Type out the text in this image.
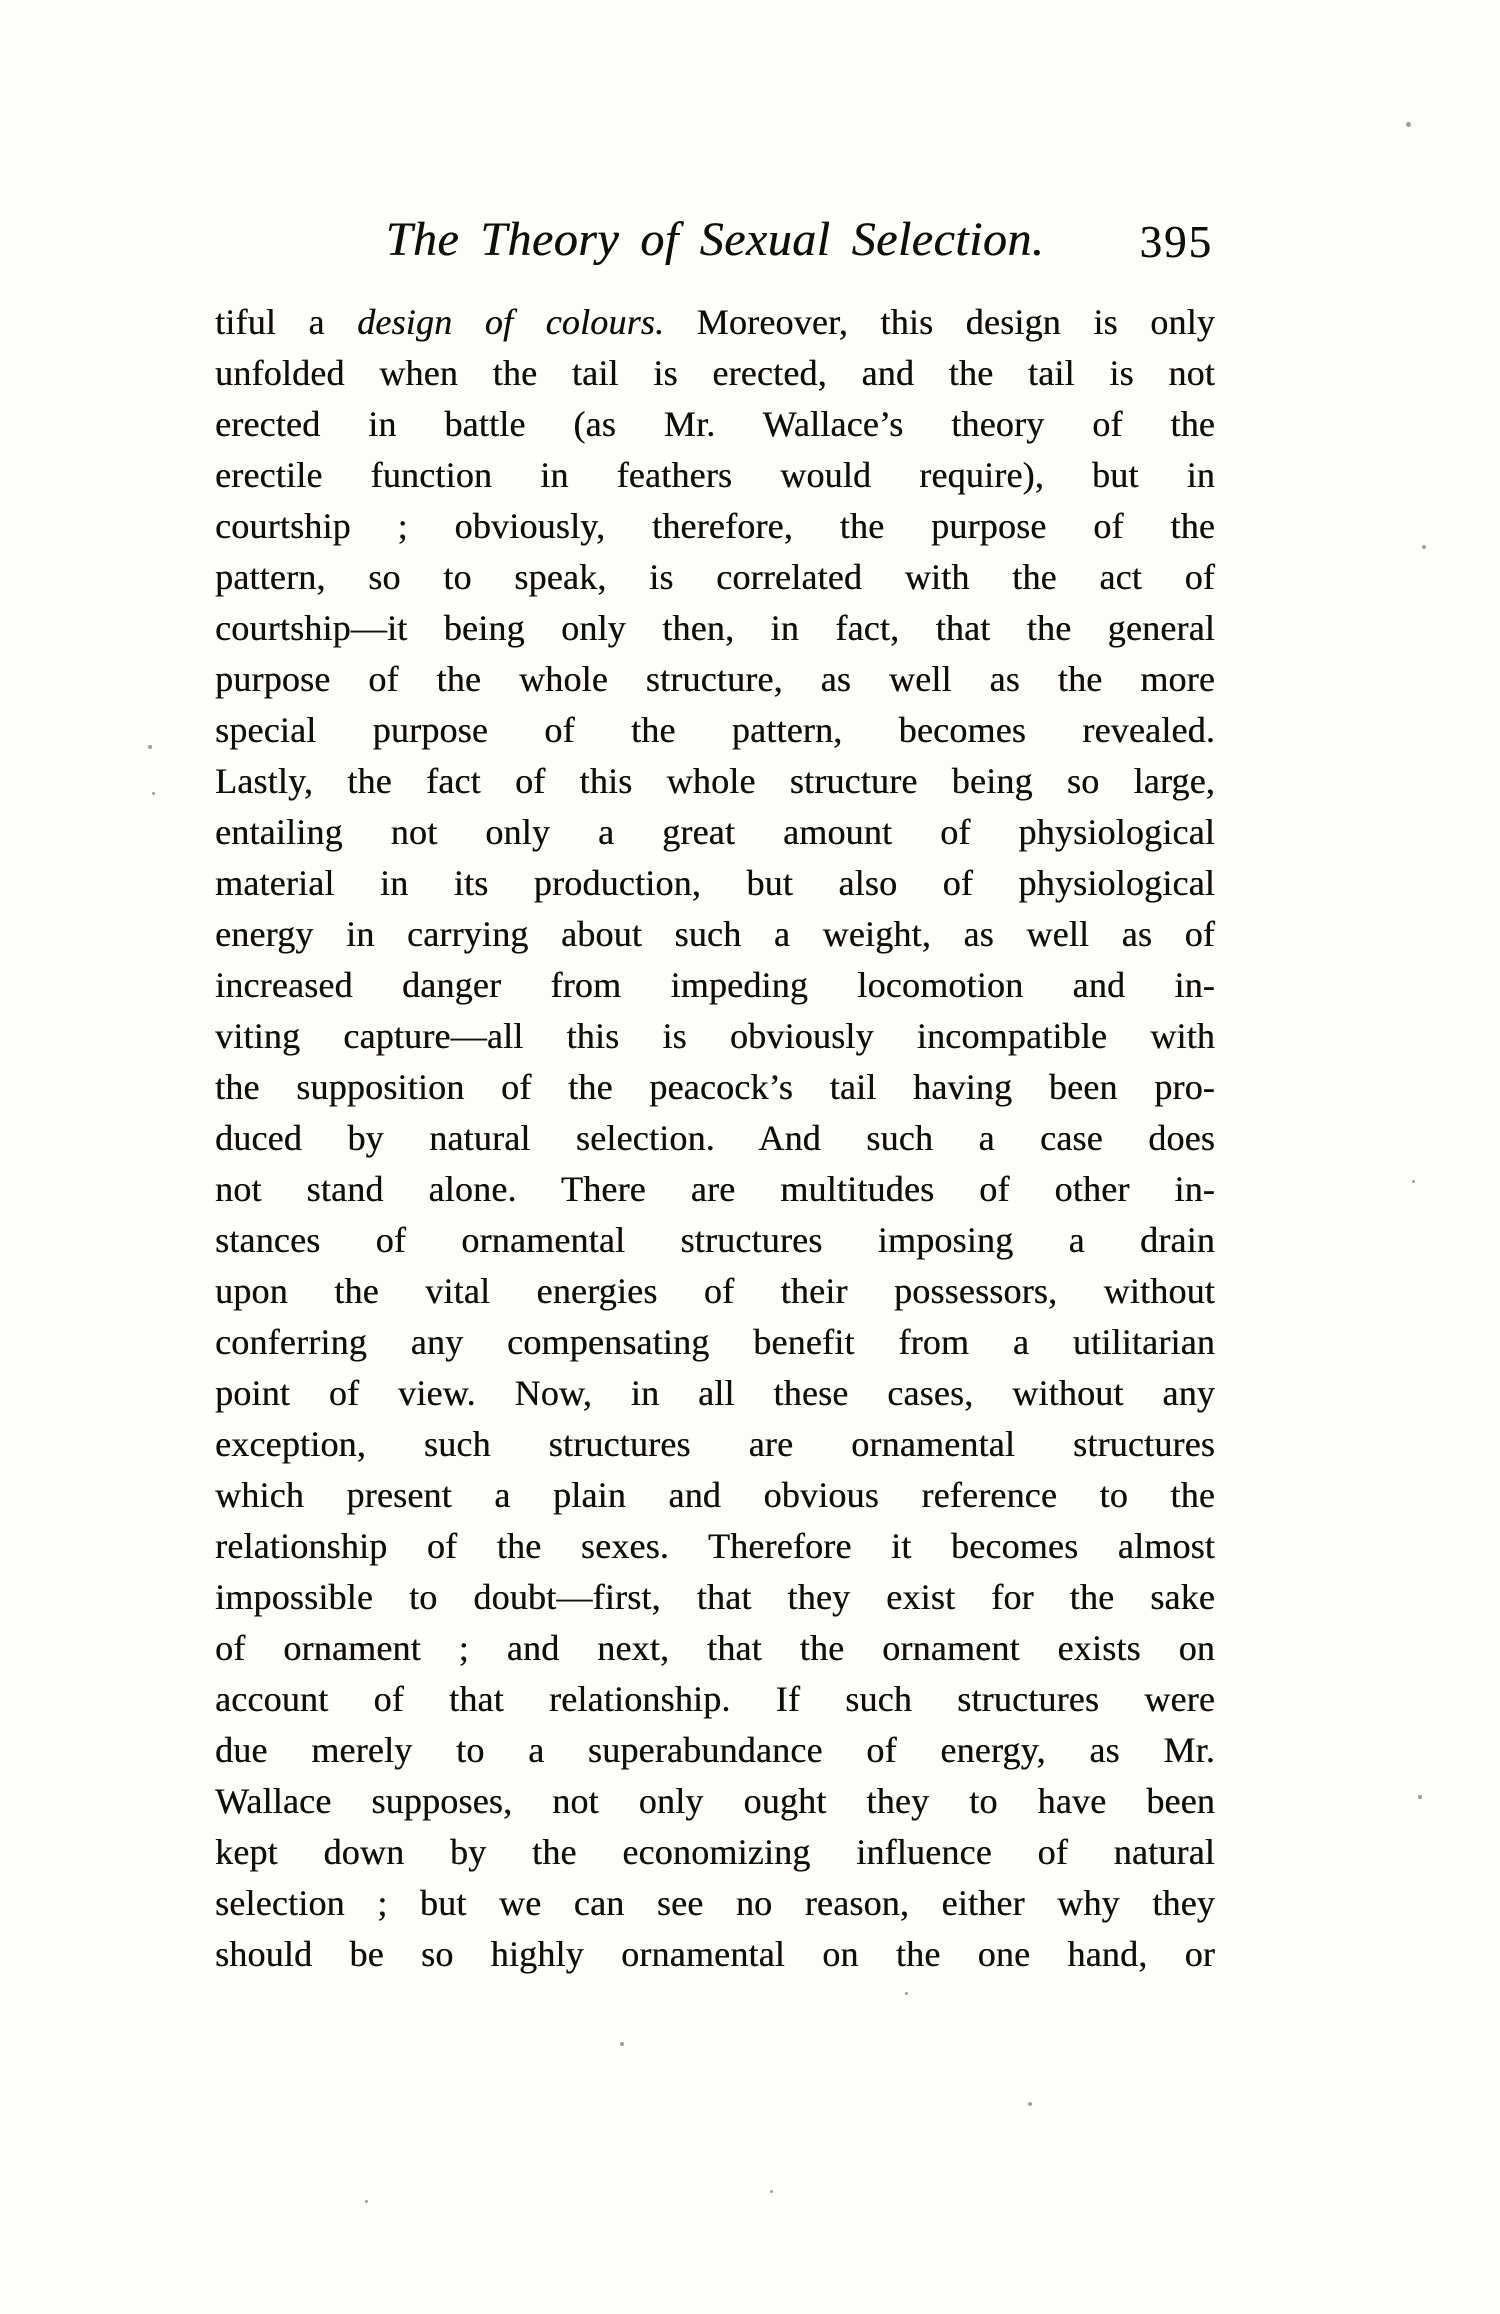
The Theory of Sexual Selection.	395
tiful a design of colours. Moreover, this design is only
unfolded when the tail is erected, and the tail is not
erected in battle (as Mr. Wallace’s theory of the
erectile function in feathers would require), but in
courtship ; obviously, therefore, the purpose of the
pattern, so to speak, is correlated with the act of
courtship—it being only then, in fact, that the general
purpose of the whole structure, as well as the more
special purpose of the pattern, becomes revealed.
Lastly, the fact of this whole structure being so large,
entailing not only a great amount of physiological
material in its production, but also of physiological
energy in carrying about such a weight, as well as of
increased danger from impeding locomotion and in-
viting capture—all this is obviously incompatible with
the supposition of the peacock’s tail having been pro-
duced by natural selection. And such a case does
not stand alone. There are multitudes of other in-
stances of ornamental structures imposing a drain
upon the vital energies of their possessors, without
conferring any compensating benefit from a utilitarian
point of view. Now, in all these cases, without any
exception, such structures are ornamental structures
which present a plain and obvious reference to the
relationship of the sexes. Therefore it becomes almost
impossible to doubt—first, that they exist for the sake
of ornament ; and next, that the ornament exists on
account of that relationship. If such structures were
due merely to a superabundance of energy, as Mr.
Wallace supposes, not only ought they to have been
kept down by the economizing influence of natural
selection ; but we can see no reason, either why they
should be so highly ornamental on the one hand, or
